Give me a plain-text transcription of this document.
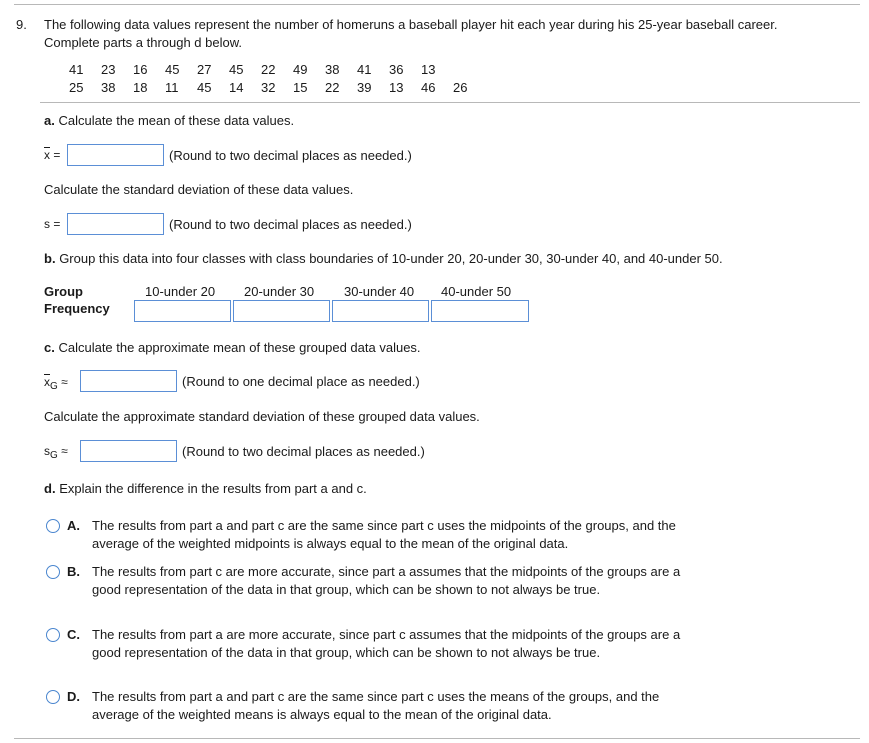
9. The following data values represent the number of homeruns a baseball player hit each year during his 25-year baseball career.
Complete parts a through d below.
41 23 16 45 27 45 22 49 38 41 36 13
25 38 18 11 45 14 32 15 22 39 13 46 26
a. Calculate the mean of these data values.
$\overline{x}$ =	(Round to two decimal places as needed.)
Calculate the standard deviation of these data values.
s =	(Round to two decimal places as needed.)
b. Group this data into four classes with class boundaries of 10-under 20, 20-under 30, 30-under 40, and 40-under 50.
Group
Frequency
10-under 20 20-under 30 30-under 40 40-under 50
c. Calculate the approximate mean of these grouped data values.
$\overline{x}_G$ ≈	(Round to one decimal place as needed.)
Calculate the approximate standard deviation of these grouped data values.
$s_G$ ≈	(Round to two decimal places as needed.)
d. Explain the difference in the results from part a and c.
A. The results from part a and part c are the same since part c uses the midpoints of the groups, and the average of the weighted midpoints is always equal to the mean of the original data.
B. The results from part c are more accurate, since part a assumes that the midpoints of the groups are a good representation of the data in that group, which can be shown to not always be true.
C. The results from part a are more accurate, since part c assumes that the midpoints of the groups are a good representation of the data in that group, which can be shown to not always be true.
D. The results from part a and part c are the same since part c uses the means of the groups, and the average of the weighted means is always equal to the mean of the original data.
